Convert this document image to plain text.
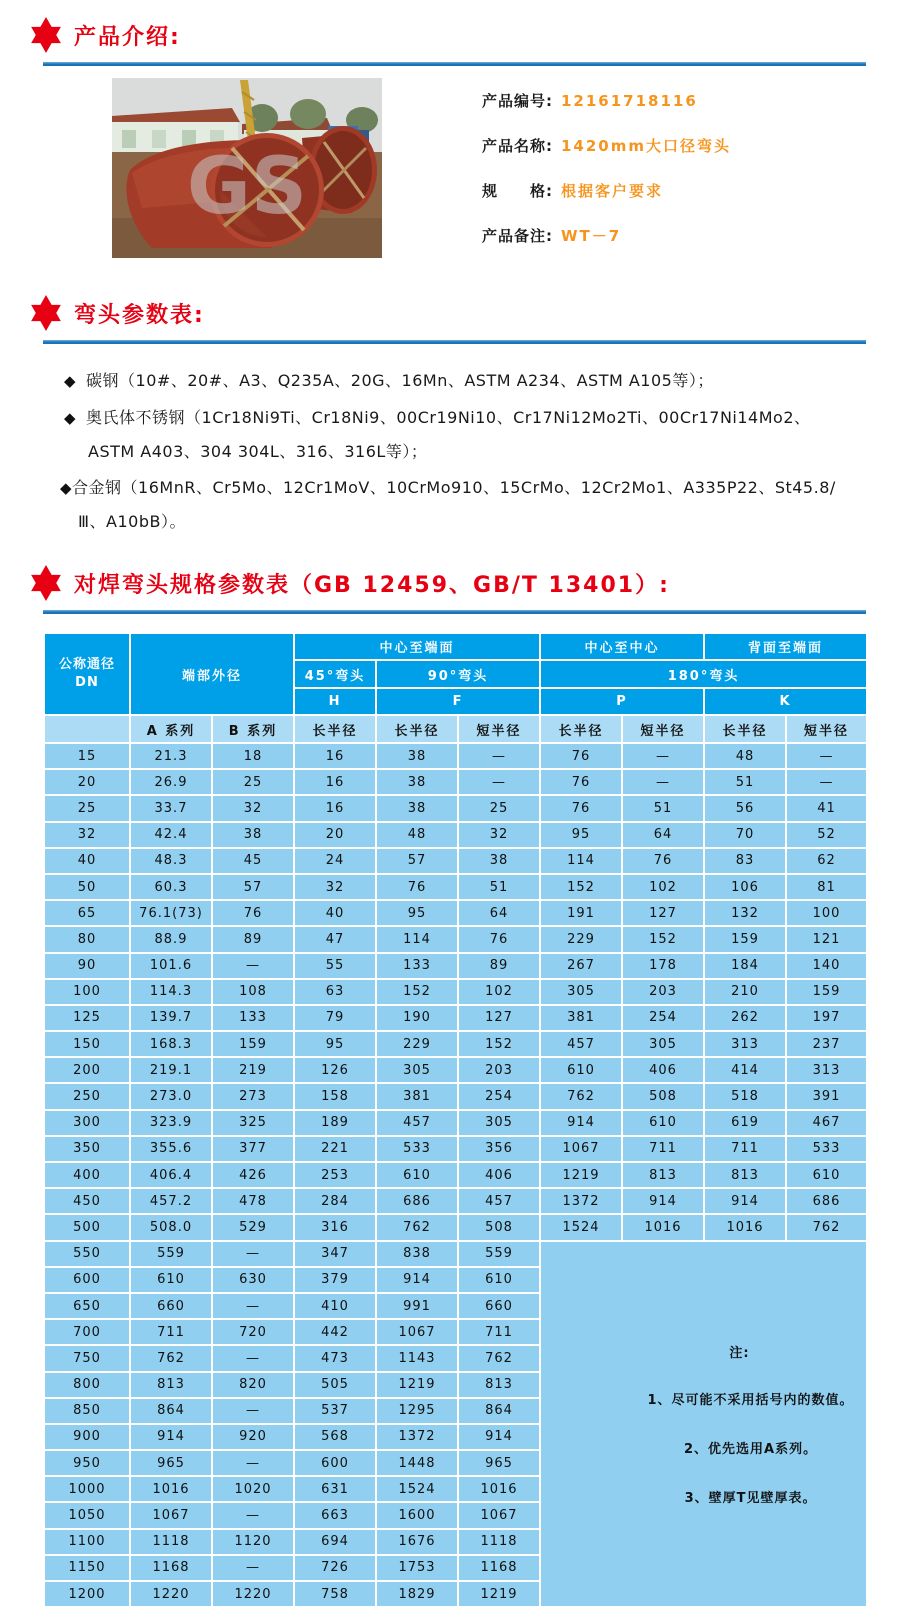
产品介绍:
GS
产品编号: 12161718116
产品名称: 1420mm大口径弯头
规　　格: 根据客户要求
产品备注: WT－7
弯头参数表:
◆ 碳钢（10#、20#、A3、Q235A、20G、16Mn、ASTM A234、ASTM A105等）；
◆ 奥氏体不锈钢（1Cr18Ni9Ti、Cr18Ni9、00Cr19Ni10、Cr17Ni12Mo2Ti、00Cr17Ni14Mo2、ASTM A403、304 304L、316、316L等）；
◆合金钢（16MnR、Cr5Mo、12Cr1MoV、10CrMo910、15CrMo、12Cr2Mo1、A335P22、St45.8/Ⅲ、A10bB）。
对焊弯头规格参数表（GB 12459、GB/T 13401）:
公称通径
DN	端部外径		中心至端面			中心至中心		背面至端面	
			45°弯头	90°弯头		180°弯头			
			H	F		P		K	
	A 系列	B 系列	长半径	长半径	短半径	长半径	短半径	长半径	短半径
15	21.3	18	16	38	—	76	—	48	—
20	26.9	25	16	38	—	76	—	51	—
25	33.7	32	16	38	25	76	51	56	41
32	42.4	38	20	48	32	95	64	70	52
40	48.3	45	24	57	38	114	76	83	62
50	60.3	57	32	76	51	152	102	106	81
65	76.1(73)	76	40	95	64	191	127	132	100
80	88.9	89	47	114	76	229	152	159	121
90	101.6	—	55	133	89	267	178	184	140
100	114.3	108	63	152	102	305	203	210	159
125	139.7	133	79	190	127	381	254	262	197
150	168.3	159	95	229	152	457	305	313	237
200	219.1	219	126	305	203	610	406	414	313
250	273.0	273	158	381	254	762	508	518	391
300	323.9	325	189	457	305	914	610	619	467
350	355.6	377	221	533	356	1067	711	711	533
400	406.4	426	253	610	406	1219	813	813	610
450	457.2	478	284	686	457	1372	914	914	686
500	508.0	529	316	762	508	1524	1016	1016	762
550	559	—	347	838	559	注:
1、尽可能不采用括号内的数值。
2、优先选用A系列。
3、壁厚T见壁厚表。			

600	610	630	379	914	610				
650	660	—	410	991	660				
700	711	720	442	1067	711				
750	762	—	473	1143	762				
800	813	820	505	1219	813				
850	864	—	537	1295	864				
900	914	920	568	1372	914				
950	965	—	600	1448	965				
1000	1016	1020	631	1524	1016				
1050	1067	—	663	1600	1067				
1100	1118	1120	694	1676	1118				
1150	1168	—	726	1753	1168				
1200	1220	1220	758	1829	1219				
